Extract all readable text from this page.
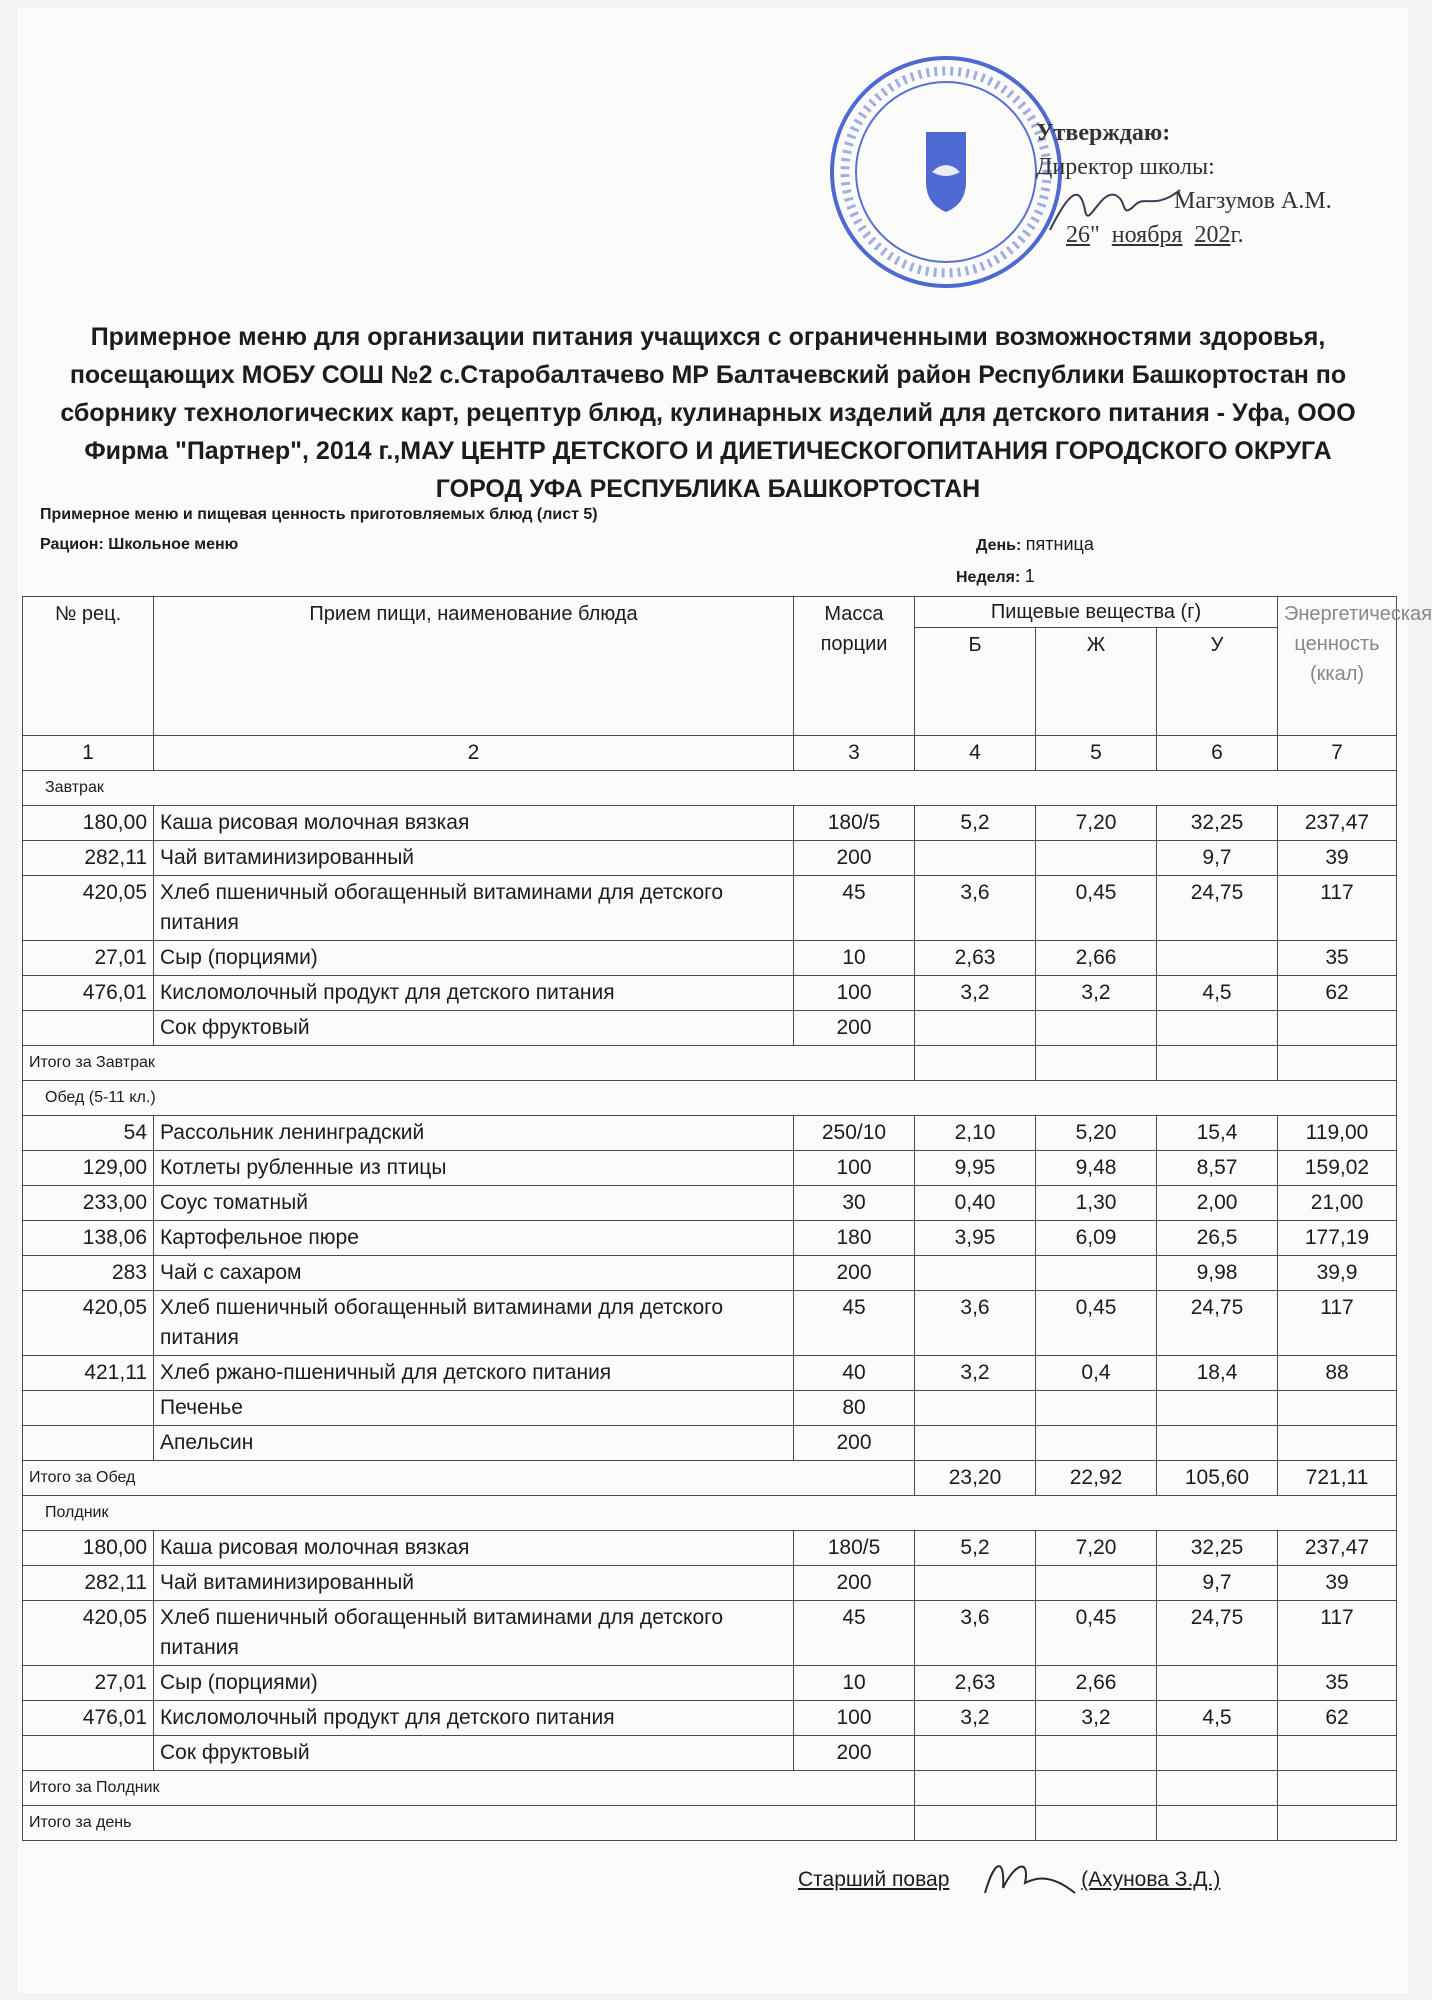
Утверждаю:
Директор школы:
Магзумов А.М.
26"  ноября 202г.
Примерное меню для организации питания учащихся с ограниченными возможностями здоровья, посещающих МОБУ СОШ №2 с.Старобалтачево МР Балтачевский район Республики Башкортостан по сборнику технологических карт, рецептур блюд, кулинарных изделий для детского питания - Уфа, ООО Фирма "Партнер", 2014 г.,МАУ ЦЕНТР ДЕТСКОГО И ДИЕТИЧЕСКОГОПИТАНИЯ ГОРОДСКОГО ОКРУГА ГОРОД УФА РЕСПУБЛИКА БАШКОРТОСТАН
Примерное меню и пищевая ценность приготовляемых блюд (лист 5)
Рацион: Школьное меню	День: пятница
Неделя: 1
№ рец.	Прием пищи, наименование блюда	Масса порции	Пищевые вещества (г)			Энергетическая ценность (ккал)
			Б	Ж	У	
1	2	3	4	5	6	7
Завтрак						
180,00	Каша рисовая молочная вязкая	180/5	5,2	7,20	32,25	237,47
282,11	Чай витаминизированный	200			9,7	39
420,05	Хлеб пшеничный обогащенный витаминами для детского питания	45	3,6	0,45	24,75	117
27,01	Сыр (порциями)	10	2,63	2,66		35
476,01	Кисломолочный продукт для детского питания	100	3,2	3,2	4,5	62
	Сок фруктовый	200				
Итого за Завтрак						
Обед (5-11 кл.)						
54	Рассольник ленинградский	250/10	2,10	5,20	15,4	119,00
129,00	Котлеты рубленные из птицы	100	9,95	9,48	8,57	159,02
233,00	Соус томатный	30	0,40	1,30	2,00	21,00
138,06	Картофельное пюре	180	3,95	6,09	26,5	177,19
283	Чай с сахаром	200			9,98	39,9
420,05	Хлеб пшеничный обогащенный витаминами для детского питания	45	3,6	0,45	24,75	117
421,11	Хлеб ржано-пшеничный для детского питания	40	3,2	0,4	18,4	88
	Печенье	80				
	Апельсин	200				
Итого за Обед			23,20	22,92	105,60	721,11
Полдник						
180,00	Каша рисовая молочная вязкая	180/5	5,2	7,20	32,25	237,47
282,11	Чай витаминизированный	200			9,7	39
420,05	Хлеб пшеничный обогащенный витаминами для детского питания	45	3,6	0,45	24,75	117
27,01	Сыр (порциями)	10	2,63	2,66		35
476,01	Кисломолочный продукт для детского питания	100	3,2	3,2	4,5	62
	Сок фруктовый	200				
Итого за Полдник						
Итого за день						
Старший повар	(Ахунова З.Д.)
